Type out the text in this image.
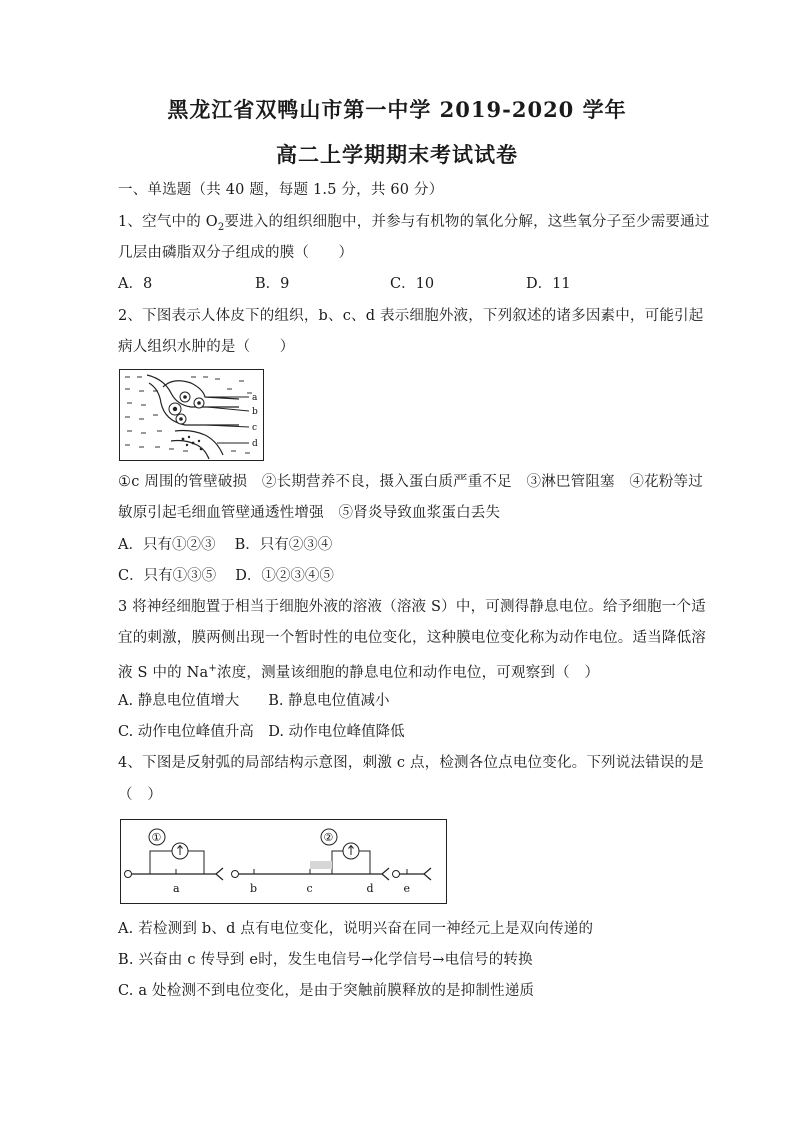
黑龙江省双鸭山市第一中学 2019-2020 学年
高二上学期期末考试试卷
一、单选题（共 40 题，每题 1.5 分，共 60 分）
1、空气中的 $O_2$要进入的组织细胞中，并参与有机物的氧化分解，这些氧分子至少需要通过
几层由磷脂双分子组成的膜（　　）
A．8	B．9	C．10	D．11
2、下图表示人体皮下的组织，b、c、d 表示细胞外液，下列叙述的诸多因素中，可能引起
病人组织水肿的是（　　）
a
b
c
d
①c 周围的管壁破损　②长期营养不良，摄入蛋白质严重不足　③淋巴管阻塞　④花粉等过
敏原引起毛细血管壁通透性增强　⑤肾炎导致血浆蛋白丢失
A．只有①②③　 B．只有②③④
C．只有①③⑤　 D．①②③④⑤
3 将神经细胞置于相当于细胞外液的溶液（溶液 S）中，可测得静息电位。给予细胞一个适
宜的刺激，膜两侧出现一个暂时性的电位变化，这种膜电位变化称为动作电位。适当降低溶
液 S 中的 Na+浓度，测量该细胞的静息电位和动作电位，可观察到（　）
A. 静息电位值增大　　B. 静息电位值减小
C. 动作电位峰值升高　D. 动作电位峰值降低
4、下图是反射弧的局部结构示意图，刺激 c 点，检测各位点电位变化。下列说法错误的是
（　）
①	②
a	b	c	d	e
A. 若检测到 b、d 点有电位变化，说明兴奋在同一神经元上是双向传递的
B. 兴奋由 c 传导到 e时，发生电信号→化学信号→电信号的转换
C. a 处检测不到电位变化，是由于突触前膜释放的是抑制性递质
